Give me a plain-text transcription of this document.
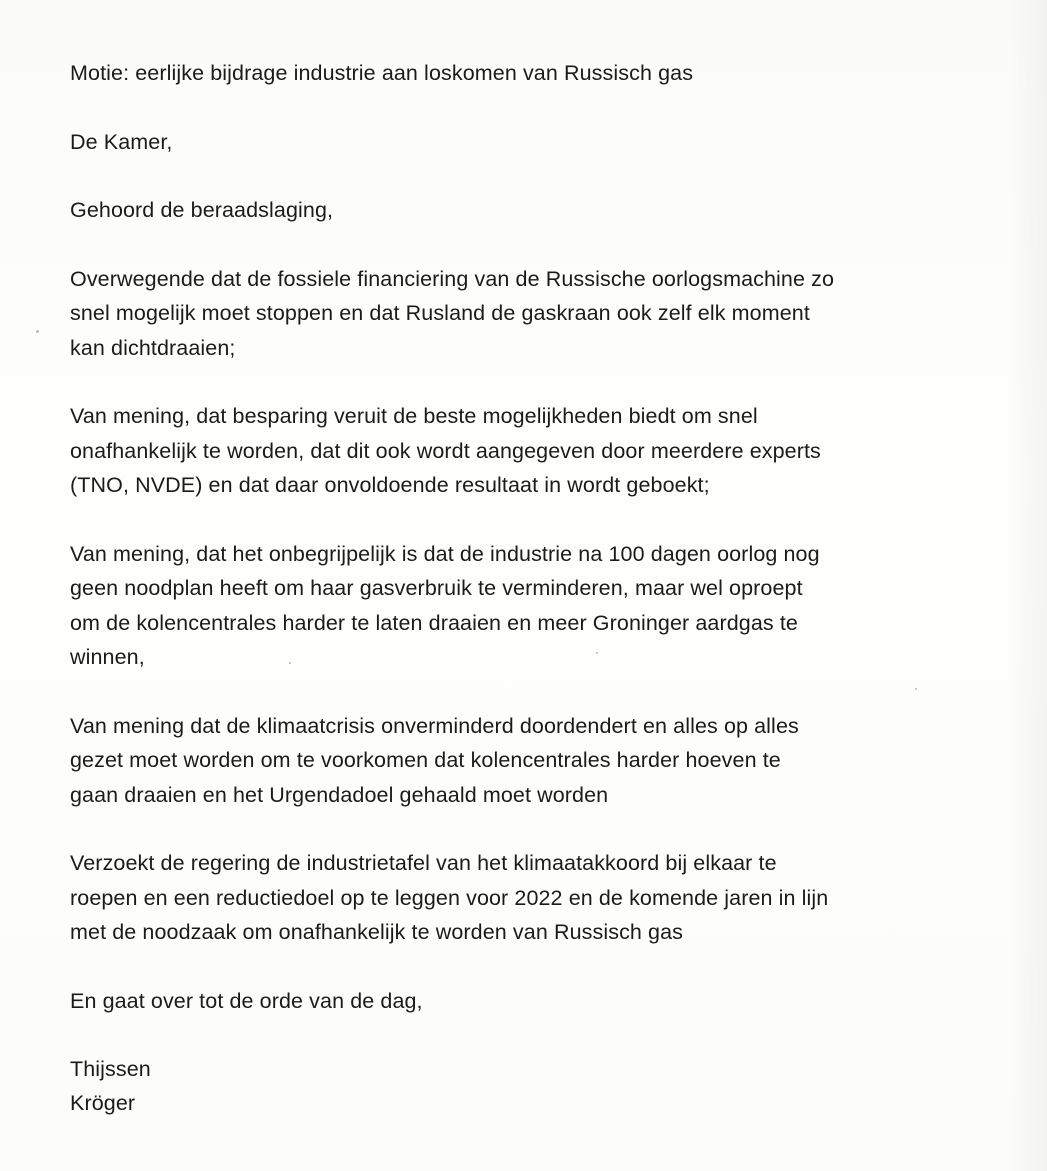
Motie: eerlijke bijdrage industrie aan loskomen van Russisch gas

De Kamer,

Gehoord de beraadslaging,

Overwegende dat de fossiele financiering van de Russische oorlogsmachine zo
snel mogelijk moet stoppen en dat Rusland de gaskraan ook zelf elk moment
kan dichtdraaien;

Van mening, dat besparing veruit de beste mogelijkheden biedt om snel
onafhankelijk te worden, dat dit ook wordt aangegeven door meerdere experts
(TNO, NVDE) en dat daar onvoldoende resultaat in wordt geboekt;

Van mening, dat het onbegrijpelijk is dat de industrie na 100 dagen oorlog nog
geen noodplan heeft om haar gasverbruik te verminderen, maar wel oproept
om de kolencentrales harder te laten draaien en meer Groninger aardgas te
winnen,

Van mening dat de klimaatcrisis onverminderd doordendert en alles op alles
gezet moet worden om te voorkomen dat kolencentrales harder hoeven te
gaan draaien en het Urgendadoel gehaald moet worden

Verzoekt de regering de industrietafel van het klimaatakkoord bij elkaar te
roepen en een reductiedoel op te leggen voor 2022 en de komende jaren in lijn
met de noodzaak om onafhankelijk te worden van Russisch gas

En gaat over tot de orde van de dag,

Thijssen
Kröger
